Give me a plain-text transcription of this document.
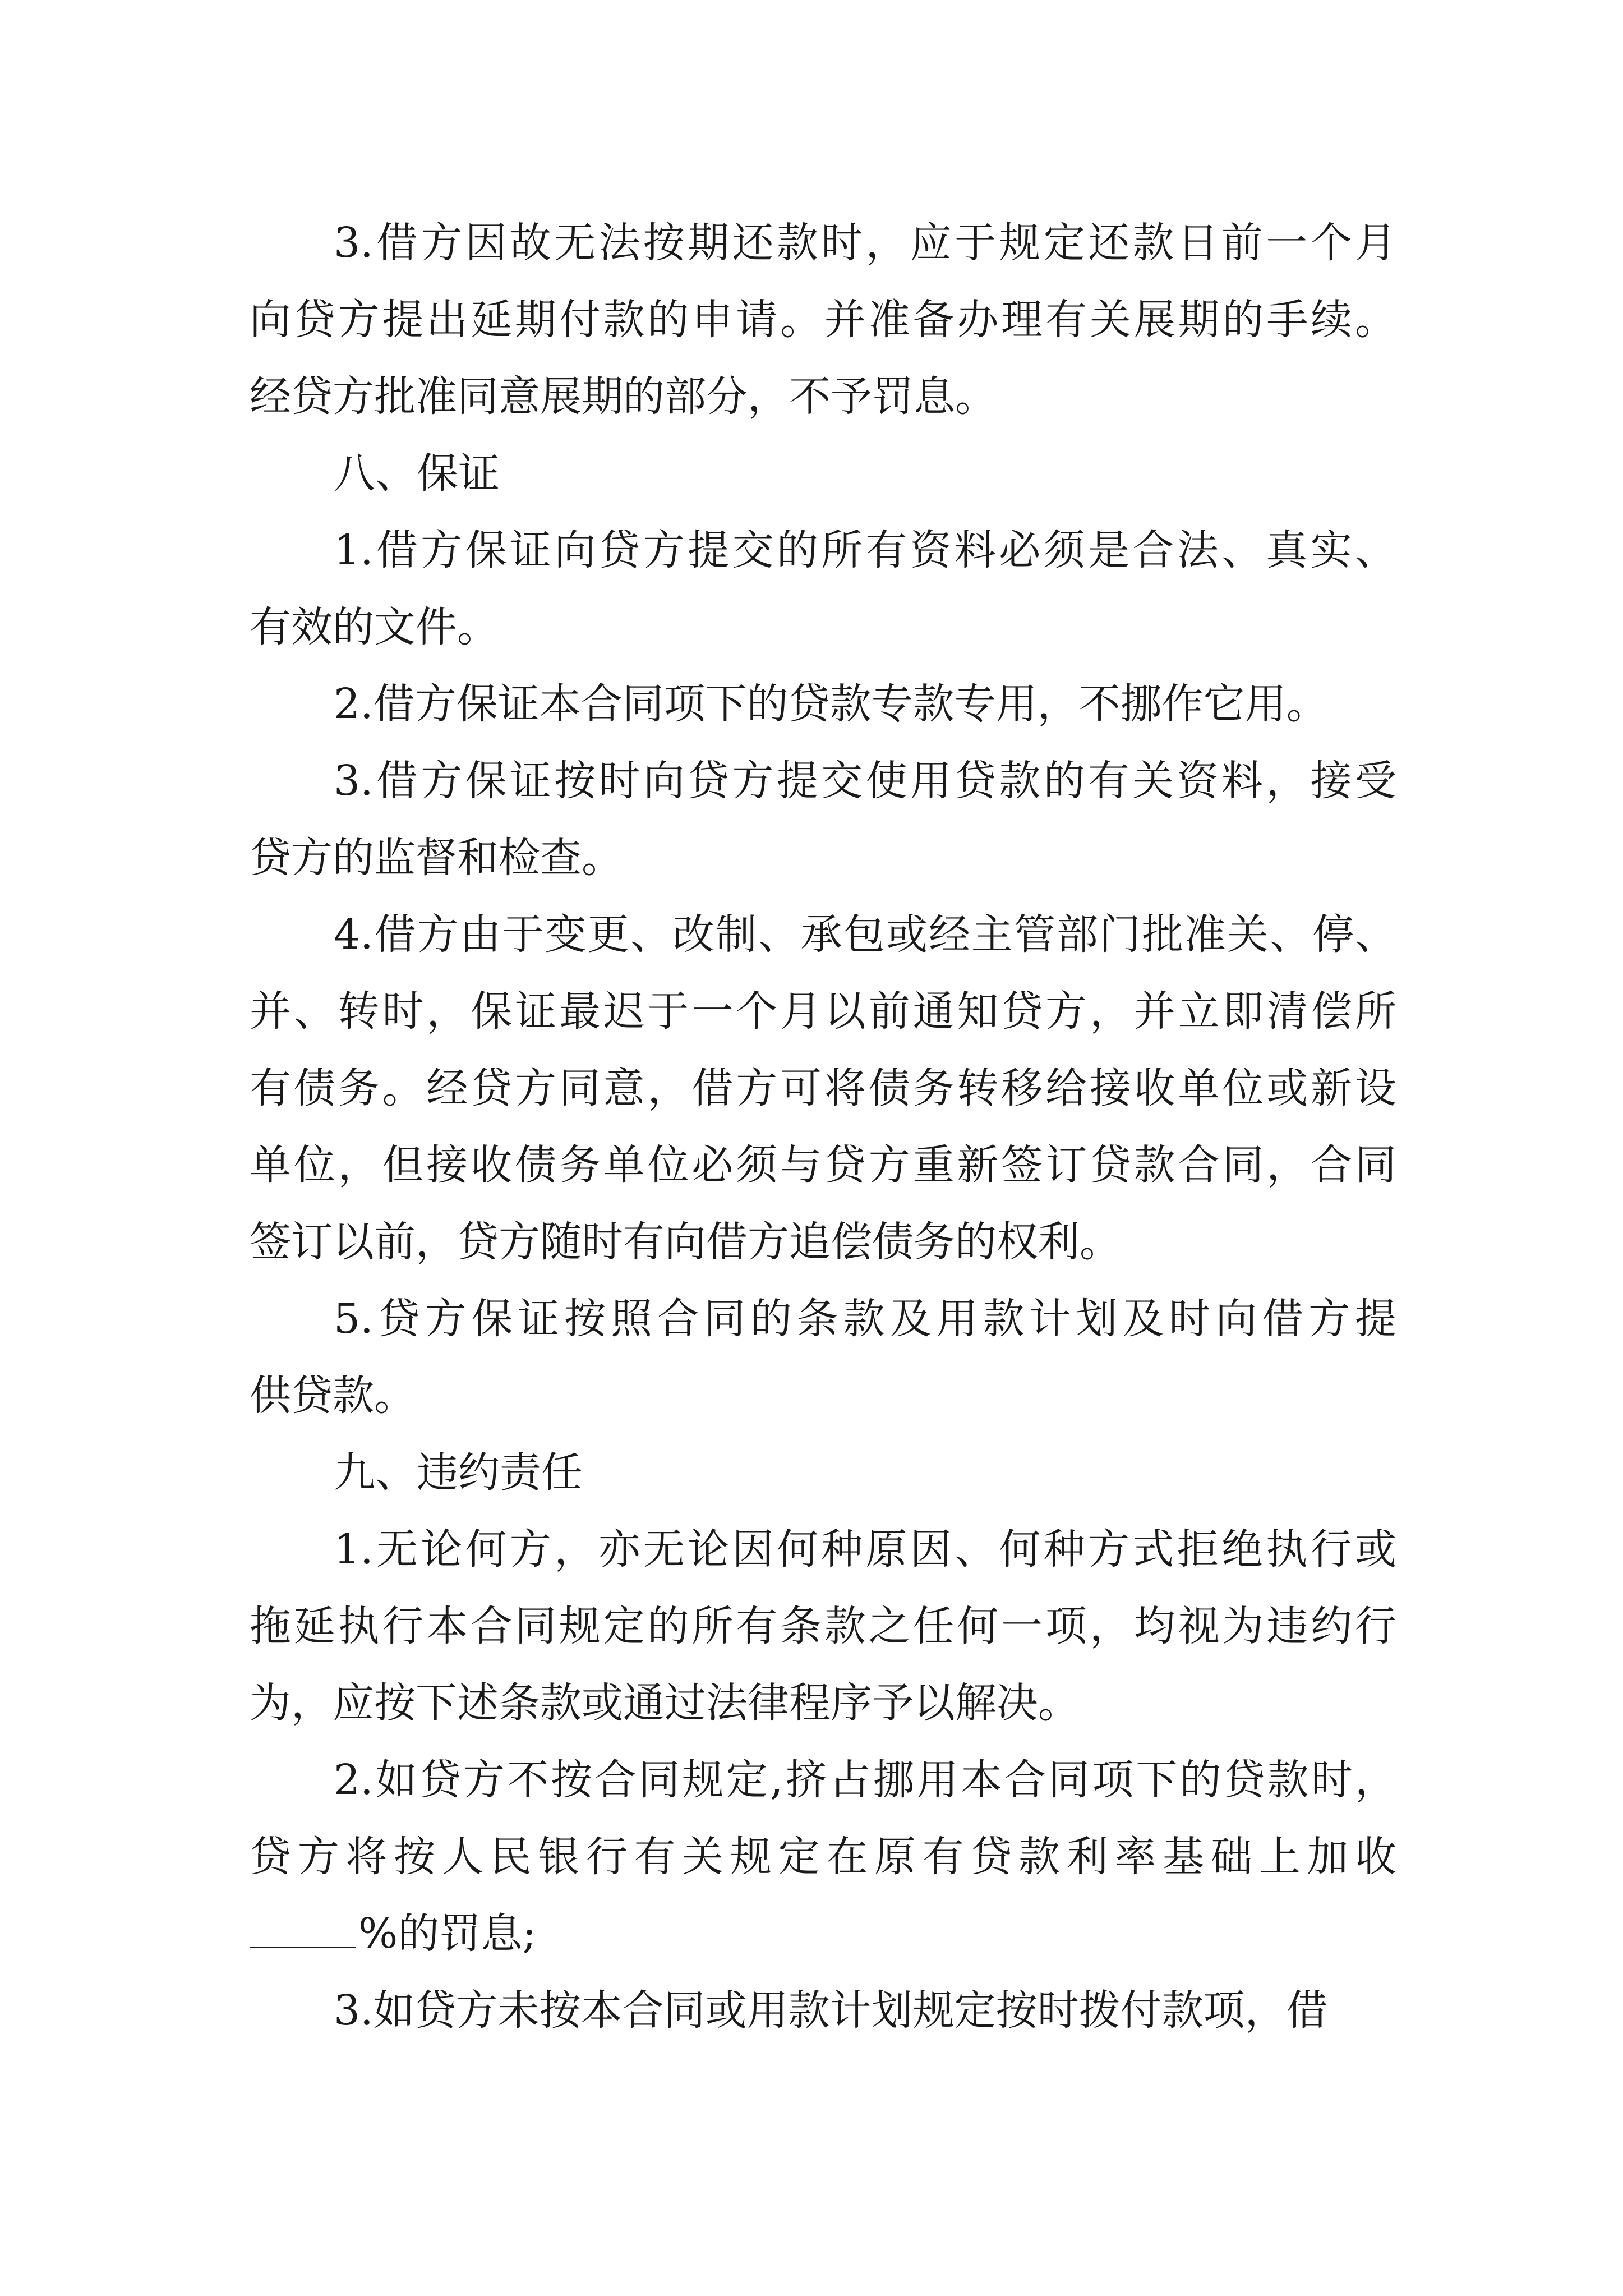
3.借方因故无法按期还款时，应于规定还款日前一个月
向贷方提出延期付款的申请。并准备办理有关展期的手续。
经贷方批准同意展期的部分，不予罚息。
八、保证
1.借方保证向贷方提交的所有资料必须是合法、真实、
有效的文件。
2.借方保证本合同项下的贷款专款专用，不挪作它用。
3.借方保证按时向贷方提交使用贷款的有关资料，接受
贷方的监督和检查。
4.借方由于变更、改制、承包或经主管部门批准关、停、
并、转时，保证最迟于一个月以前通知贷方，并立即清偿所
有债务。经贷方同意，借方可将债务转移给接收单位或新设
单位，但接收债务单位必须与贷方重新签订贷款合同，合同
签订以前，贷方随时有向借方追偿债务的权利。
5.贷方保证按照合同的条款及用款计划及时向借方提
供贷款。
九、违约责任
1.无论何方，亦无论因何种原因、何种方式拒绝执行或
拖延执行本合同规定的所有条款之任何一项，均视为违约行
为，应按下述条款或通过法律程序予以解决。
2.如贷方不按合同规定,挤占挪用本合同项下的贷款时，
贷方将按人民银行有关规定在原有贷款利率基础上加收
%的罚息;
3.如贷方未按本合同或用款计划规定按时拨付款项，借
